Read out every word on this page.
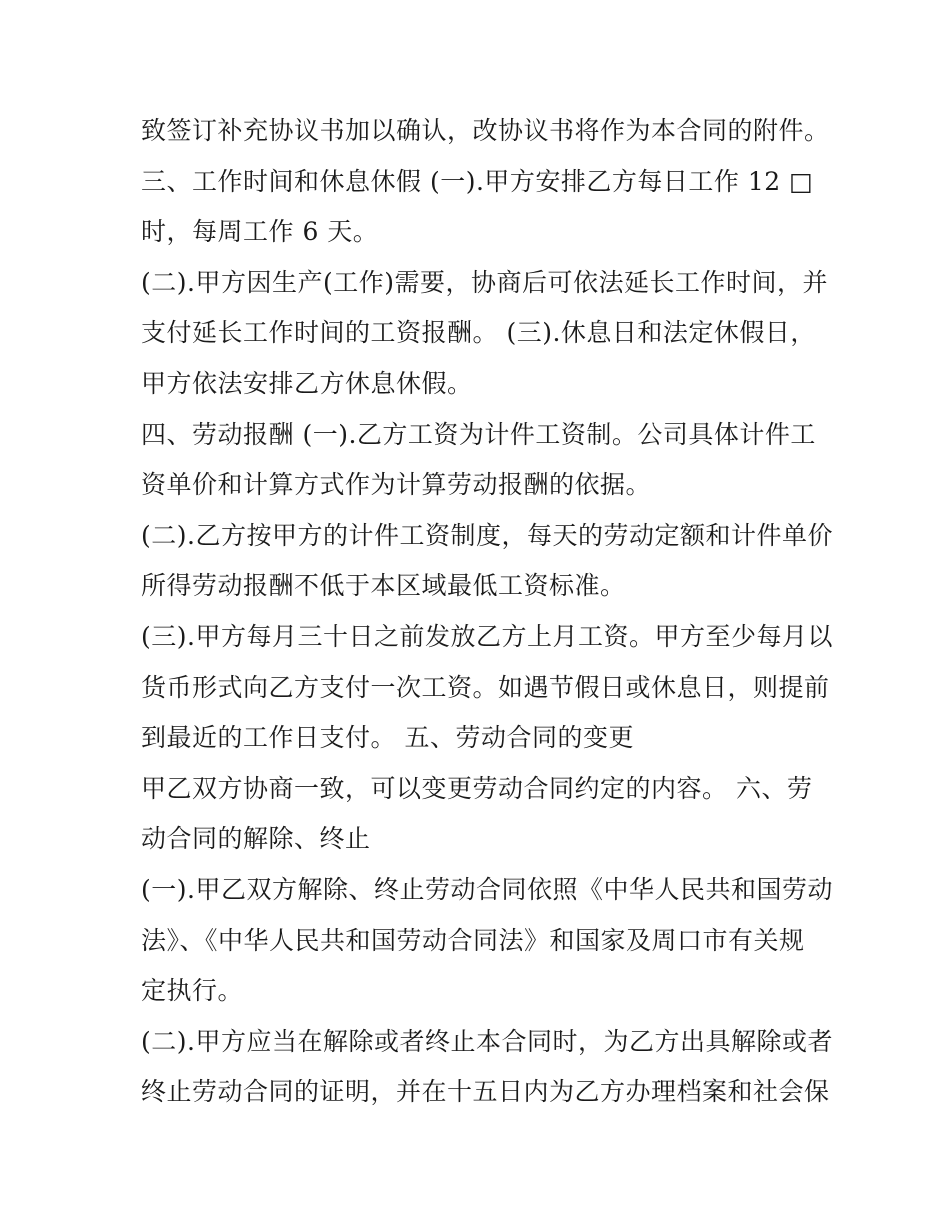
致签订补充协议书加以确认，改协议书将作为本合同的附件。
三、工作时间和休息休假 (一).甲方安排乙方每日工作 12 □
时，每周工作 6 天。
(二).甲方因生产(工作)需要，协商后可依法延长工作时间，并
支付延长工作时间的工资报酬。 (三).休息日和法定休假日，
甲方依法安排乙方休息休假。
四、劳动报酬 (一).乙方工资为计件工资制。公司具体计件工
资单价和计算方式作为计算劳动报酬的依据。
(二).乙方按甲方的计件工资制度，每天的劳动定额和计件单价
所得劳动报酬不低于本区域最低工资标准。
(三).甲方每月三十日之前发放乙方上月工资。甲方至少每月以
货币形式向乙方支付一次工资。如遇节假日或休息日，则提前
到最近的工作日支付。 五、劳动合同的变更
甲乙双方协商一致，可以变更劳动合同约定的内容。 六、劳
动合同的解除、终止
(一).甲乙双方解除、终止劳动合同依照《中华人民共和国劳动
法》、《中华人民共和国劳动合同法》和国家及周口市有关规
定执行。
(二).甲方应当在解除或者终止本合同时，为乙方出具解除或者
终止劳动合同的证明，并在十五日内为乙方办理档案和社会保
